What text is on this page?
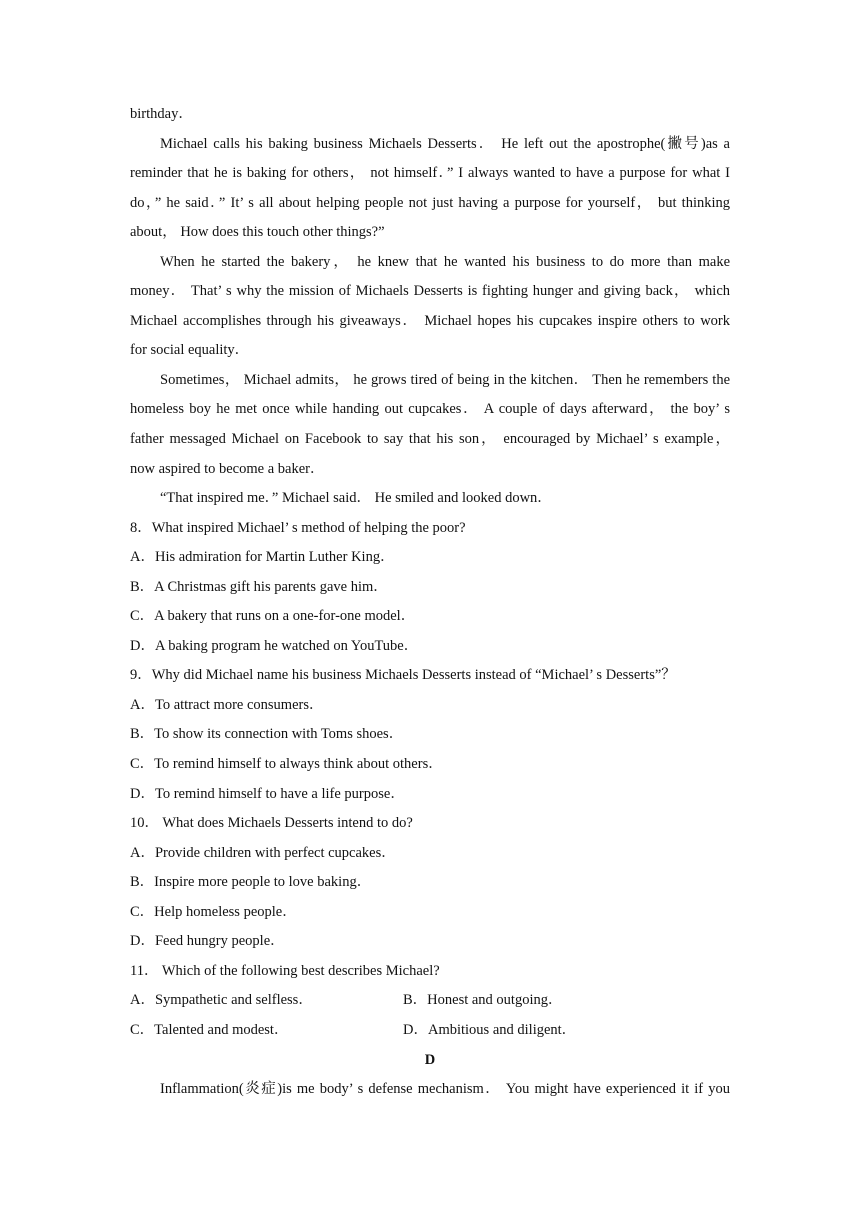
birthday．
Michael calls his baking business Michaels Desserts． He left out the apostrophe(撇号)as a
reminder that he is baking for others， not himself．” I always wanted to have a purpose for what I
do，” he said．” It’ s all about helping people not just having a purpose for yourself， but thinking
about， How does this touch other things?”
When he started the bakery， he knew that he wanted his business to do more than make
money． That’ s why the mission of Michaels Desserts is fighting hunger and giving back， which
Michael accomplishes through his giveaways． Michael hopes his cupcakes inspire others to work
for social equality．
Sometimes， Michael admits， he grows tired of being in the kitchen． Then he remembers the
homeless boy he met once while handing out cupcakes． A couple of days afterward， the boy’ s
father messaged Michael on Facebook to say that his son， encouraged by Michael’ s example，
now aspired to become a baker．
“That inspired me．” Michael said． He smiled and looked down．
8．What inspired Michael’ s method of helping the poor?
A．His admiration for Martin Luther King．
B．A Christmas gift his parents gave him．
C．A bakery that runs on a one-for-one model．
D．A baking program he watched on YouTube．
9．Why did Michael name his business Michaels Desserts instead of “Michael’ s Desserts”？
A．To attract more consumers．
B．To show its connection with Toms shoes．
C．To remind himself to always think about others．
D．To remind himself to have a life purpose．
10． What does Michaels Desserts intend to do?
A．Provide children with perfect cupcakes．
B．Inspire more people to love baking．
C．Help homeless people．
D．Feed hungry people．
11． Which of the following best describes Michael?
A．Sympathetic and selfless．	B．Honest and outgoing．
C．Talented and modest．	D．Ambitious and diligent．
D
Inflammation(炎症)is me body’ s defense mechanism． You might have experienced it if you
